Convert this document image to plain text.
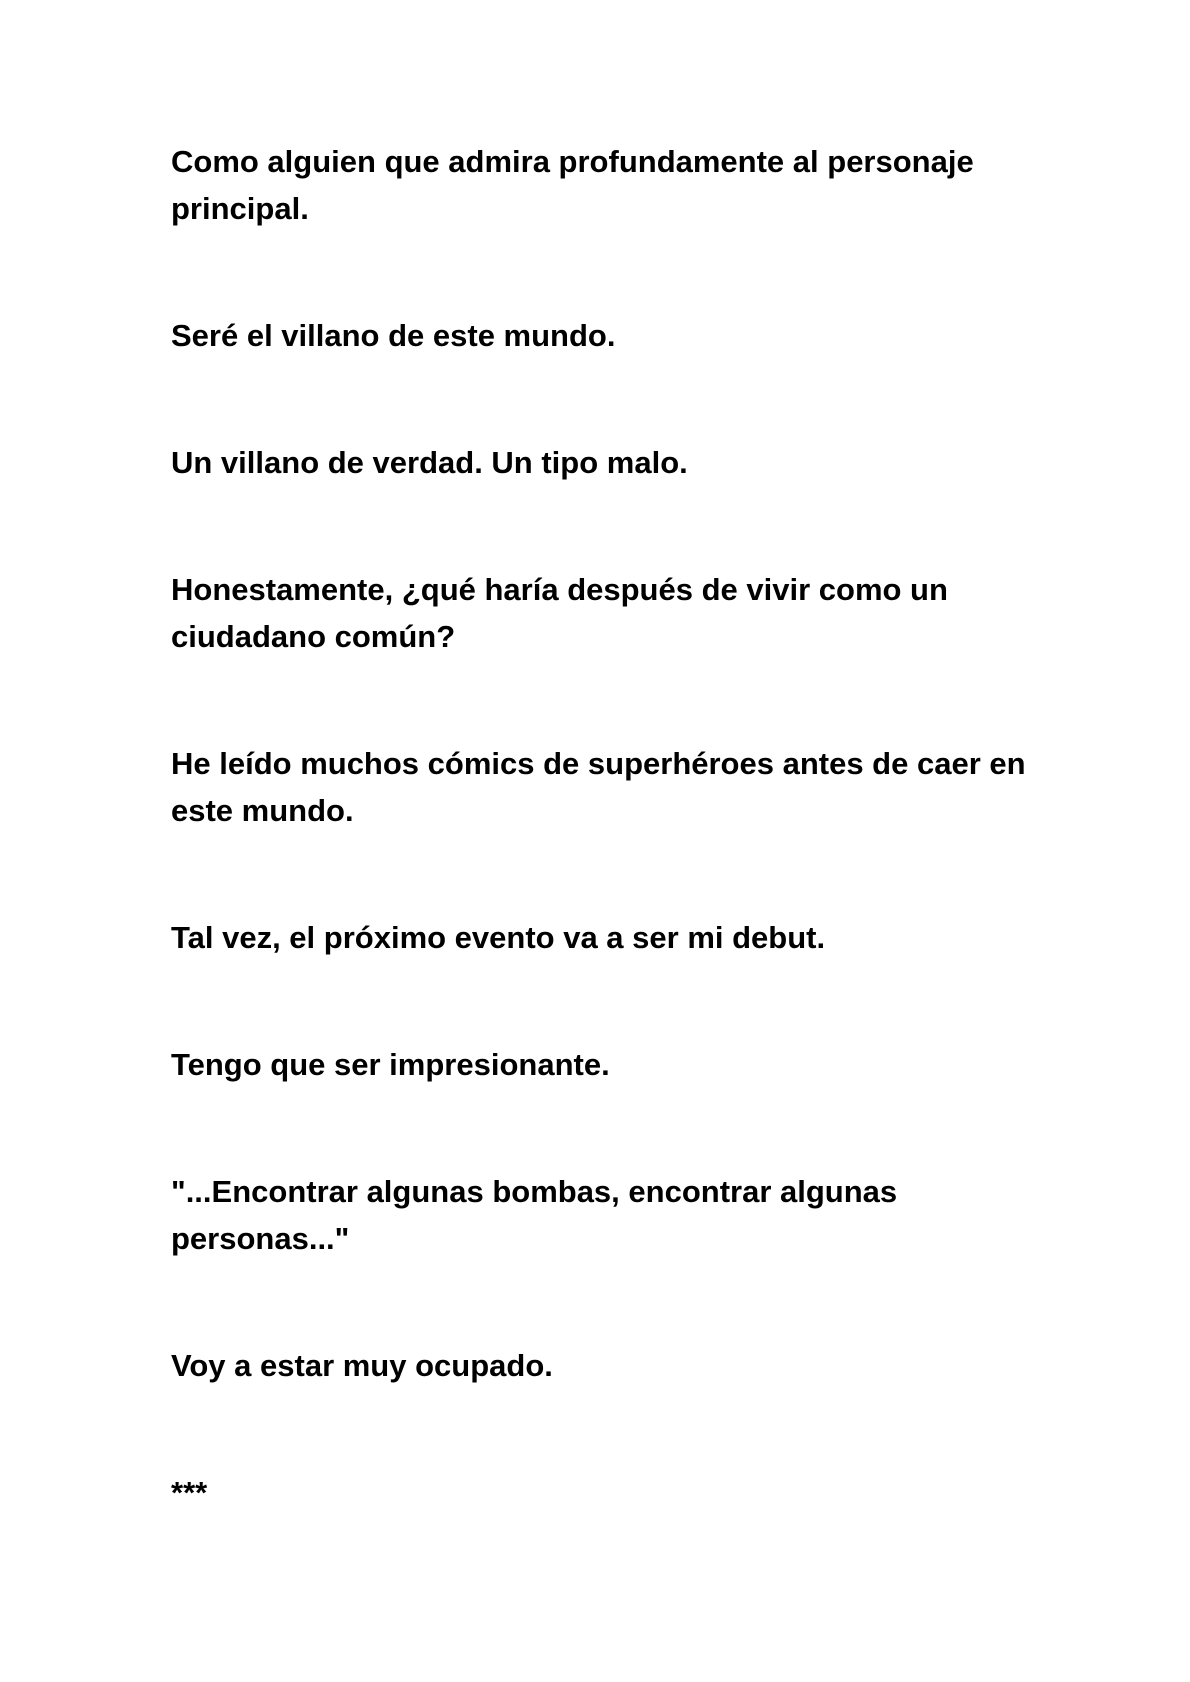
Como alguien que admira profundamente al personaje principal.

Seré el villano de este mundo.

Un villano de verdad. Un tipo malo.

Honestamente, ¿qué haría después de vivir como un ciudadano común?

He leído muchos cómics de superhéroes antes de caer en este mundo.

Tal vez, el próximo evento va a ser mi debut.

Tengo que ser impresionante.

"...Encontrar algunas bombas, encontrar algunas personas..."

Voy a estar muy ocupado.

***
